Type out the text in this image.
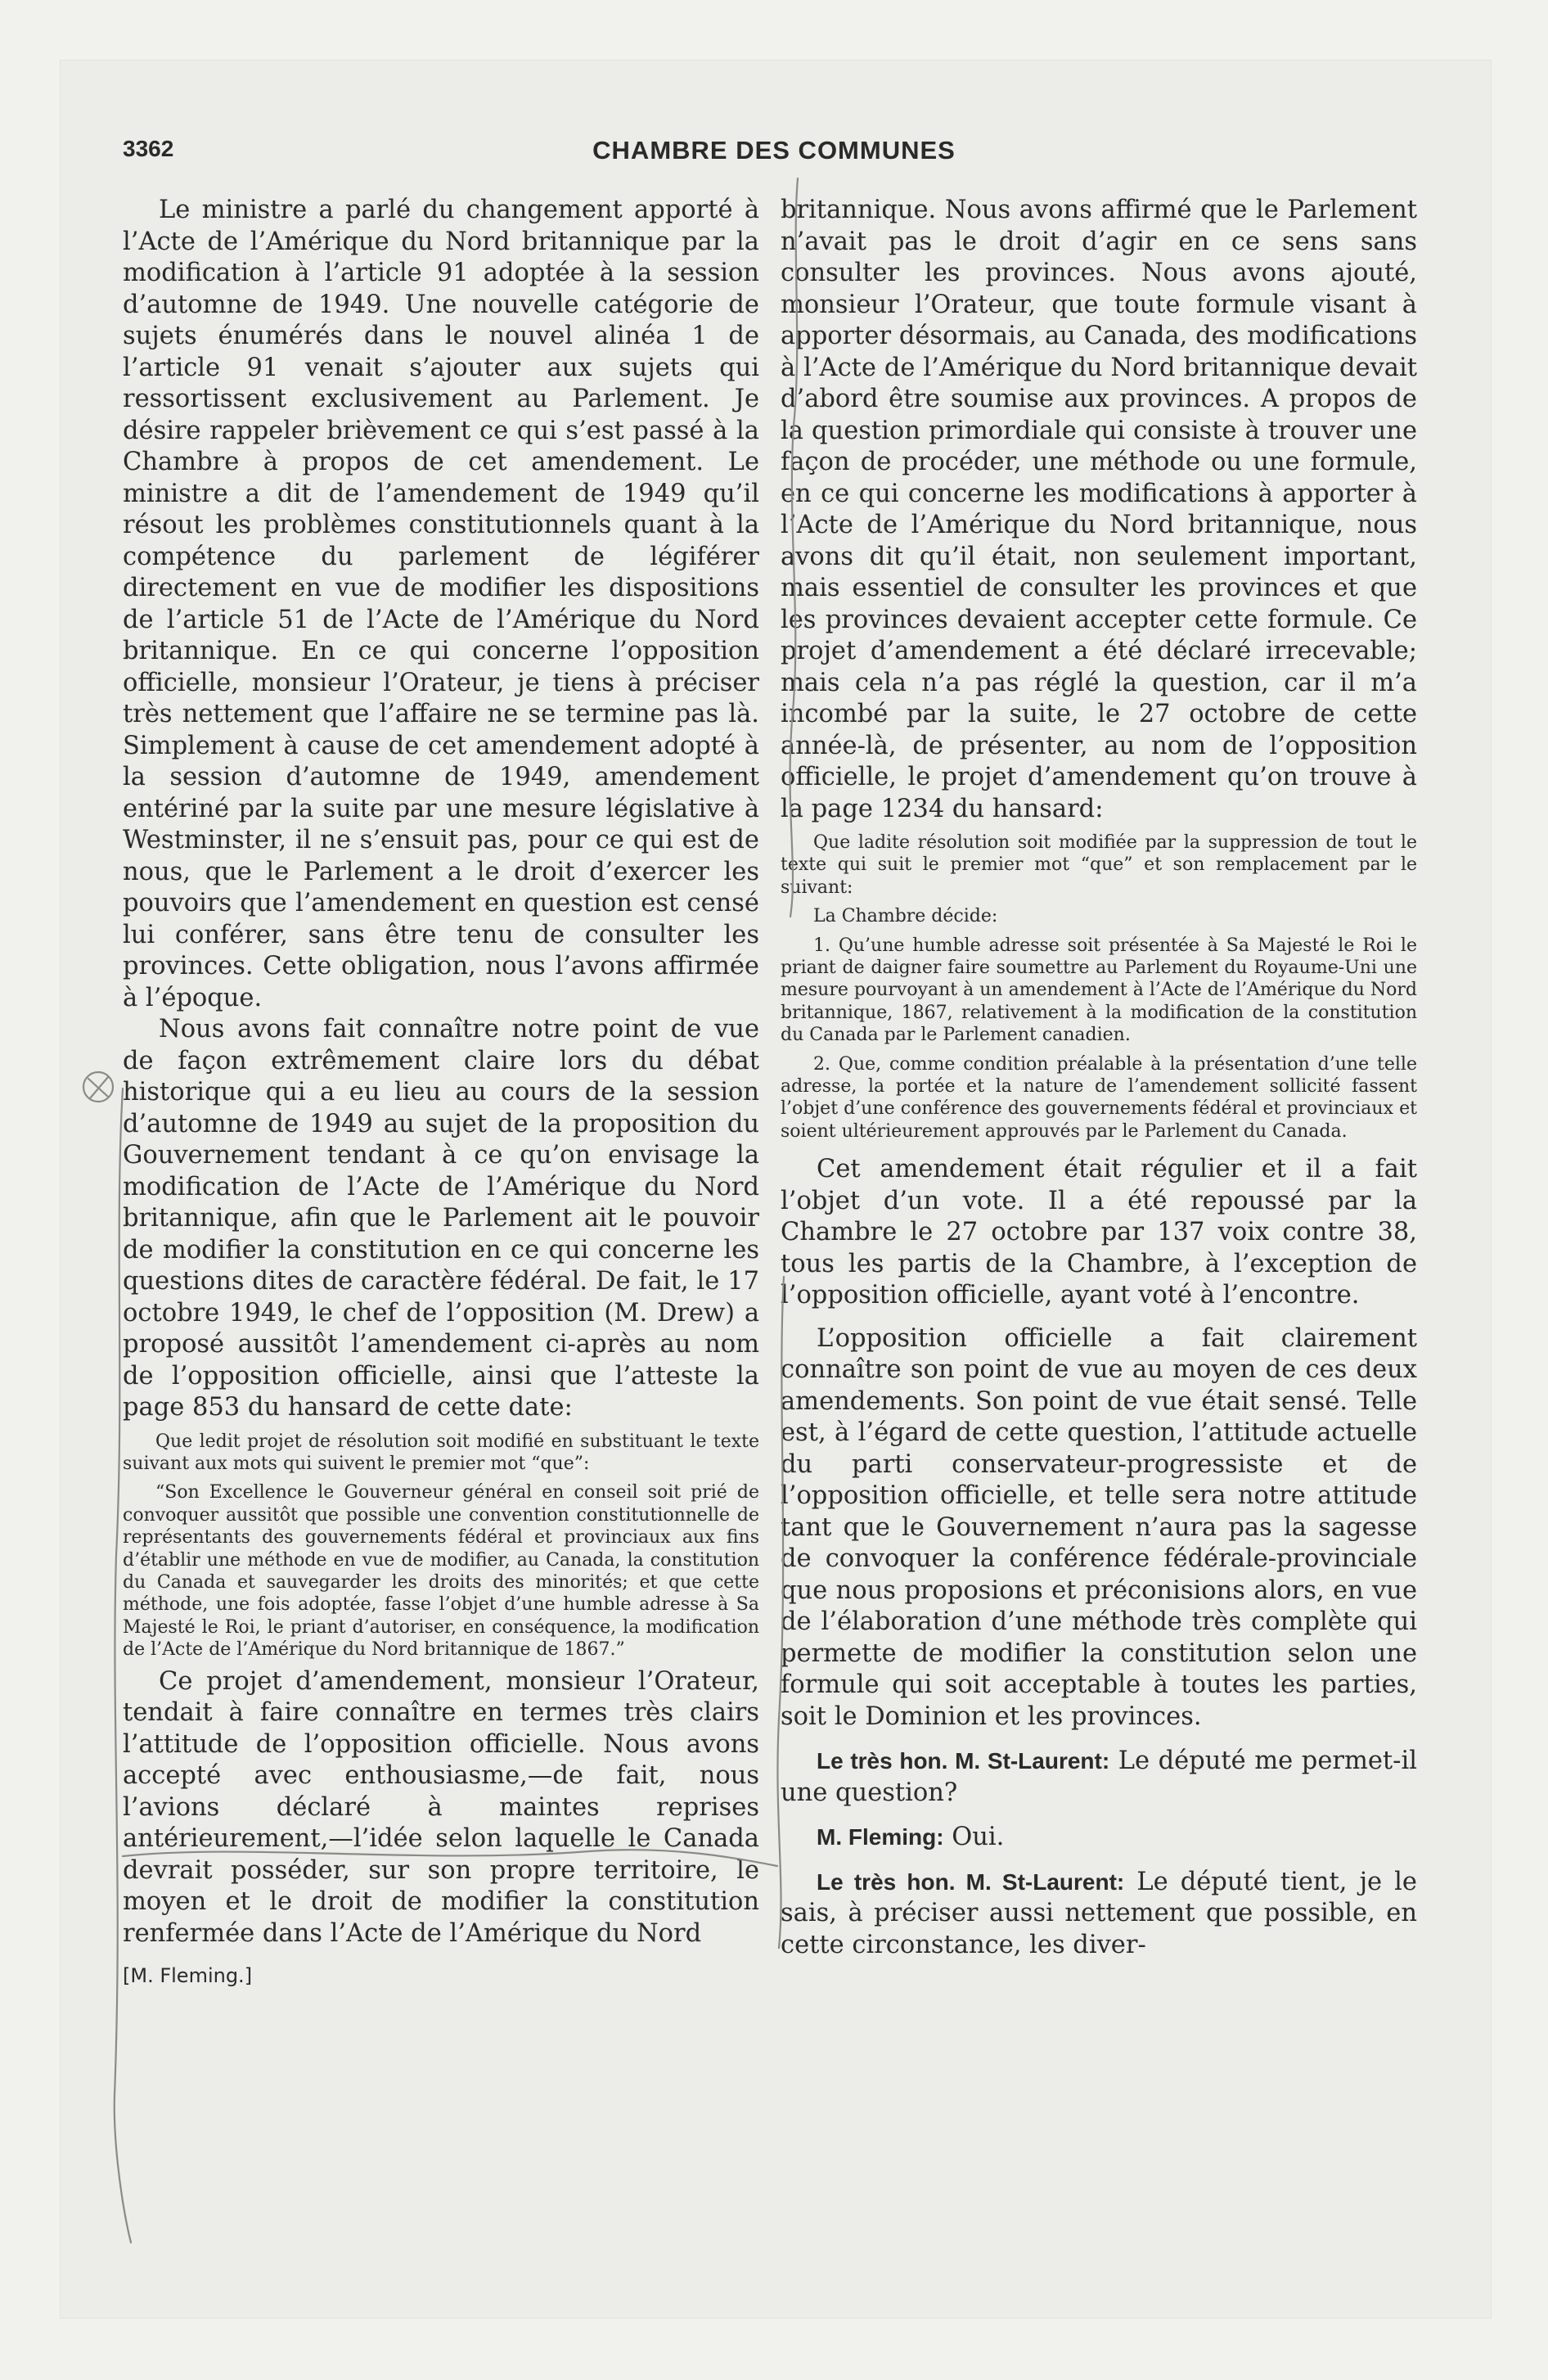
3362	CHAMBRE DES COMMUNES

Le ministre a parlé du changement apporté à l’Acte de l’Amérique du Nord britannique par la modification à l’article 91 adoptée à la session d’automne de 1949. Une nouvelle catégorie de sujets énumérés dans le nouvel alinéa 1 de l’article 91 venait s’ajouter aux sujets qui ressortissent exclusivement au Parlement. Je désire rappeler brièvement ce qui s’est passé à la Chambre à propos de cet amendement. Le ministre a dit de l’amendement de 1949 qu’il résout les problèmes constitutionnels quant à la compétence du parlement de légiférer directement en vue de modifier les dispositions de l’article 51 de l’Acte de l’Amérique du Nord britannique. En ce qui concerne l’opposition officielle, monsieur l’Orateur, je tiens à préciser très nettement que l’affaire ne se termine pas là. Simplement à cause de cet amendement adopté à la session d’automne de 1949, amendement entériné par la suite par une mesure législative à Westminster, il ne s’ensuit pas, pour ce qui est de nous, que le Parlement a le droit d’exercer les pouvoirs que l’amendement en question est censé lui conférer, sans être tenu de consulter les provinces. Cette obligation, nous l’avons affirmée à l’époque.

Nous avons fait connaître notre point de vue de façon extrêmement claire lors du débat historique qui a eu lieu au cours de la session d’automne de 1949 au sujet de la proposition du Gouvernement tendant à ce qu’on envisage la modification de l’Acte de l’Amérique du Nord britannique, afin que le Parlement ait le pouvoir de modifier la constitution en ce qui concerne les questions dites de caractère fédéral. De fait, le 17 octobre 1949, le chef de l’opposition (M. Drew) a proposé aussitôt l’amendement ci-après au nom de l’opposition officielle, ainsi que l’atteste la page 853 du hansard de cette date:

Que ledit projet de résolution soit modifié en substituant le texte suivant aux mots qui suivent le premier mot “que”:

“Son Excellence le Gouverneur général en conseil soit prié de convoquer aussitôt que possible une convention constitutionnelle de représentants des gouvernements fédéral et provinciaux aux fins d’établir une méthode en vue de modifier, au Canada, la constitution du Canada et sauvegarder les droits des minorités; et que cette méthode, une fois adoptée, fasse l’objet d’une humble adresse à Sa Majesté le Roi, le priant d’autoriser, en conséquence, la modification de l’Acte de l’Amérique du Nord britannique de 1867.”

Ce projet d’amendement, monsieur l’Orateur, tendait à faire connaître en termes très clairs l’attitude de l’opposition officielle. Nous avons accepté avec enthousiasme,—de fait, nous l’avions déclaré à maintes reprises antérieurement,—l’idée selon laquelle le Canada devrait posséder, sur son propre territoire, le moyen et le droit de modifier la constitution renfermée dans l’Acte de l’Amérique du Nord

[M. Fleming.]

britannique. Nous avons affirmé que le Parlement n’avait pas le droit d’agir en ce sens sans consulter les provinces. Nous avons ajouté, monsieur l’Orateur, que toute formule visant à apporter désormais, au Canada, des modifications à l’Acte de l’Amérique du Nord britannique devait d’abord être soumise aux provinces. A propos de la question primordiale qui consiste à trouver une façon de procéder, une méthode ou une formule, en ce qui concerne les modifications à apporter à l’Acte de l’Amérique du Nord britannique, nous avons dit qu’il était, non seulement important, mais essentiel de consulter les provinces et que les provinces devaient accepter cette formule. Ce projet d’amendement a été déclaré irrecevable; mais cela n’a pas réglé la question, car il m’a incombé par la suite, le 27 octobre de cette année-là, de présenter, au nom de l’opposition officielle, le projet d’amendement qu’on trouve à la page 1234 du hansard:

Que ladite résolution soit modifiée par la suppression de tout le texte qui suit le premier mot “que” et son remplacement par le suivant:

La Chambre décide:

1. Qu’une humble adresse soit présentée à Sa Majesté le Roi le priant de daigner faire soumettre au Parlement du Royaume-Uni une mesure pourvoyant à un amendement à l’Acte de l’Amérique du Nord britannique, 1867, relativement à la modification de la constitution du Canada par le Parlement canadien.

2. Que, comme condition préalable à la présentation d’une telle adresse, la portée et la nature de l’amendement sollicité fassent l’objet d’une conférence des gouvernements fédéral et provinciaux et soient ultérieurement approuvés par le Parlement du Canada.

Cet amendement était régulier et il a fait l’objet d’un vote. Il a été repoussé par la Chambre le 27 octobre par 137 voix contre 38, tous les partis de la Chambre, à l’exception de l’opposition officielle, ayant voté à l’encontre.

L’opposition officielle a fait clairement connaître son point de vue au moyen de ces deux amendements. Son point de vue était sensé. Telle est, à l’égard de cette question, l’attitude actuelle du parti conservateur-progressiste et de l’opposition officielle, et telle sera notre attitude tant que le Gouvernement n’aura pas la sagesse de convoquer la conférence fédérale-provinciale que nous proposions et préconisions alors, en vue de l’élaboration d’une méthode très complète qui permette de modifier la constitution selon une formule qui soit acceptable à toutes les parties, soit le Dominion et les provinces.

Le très hon. M. St-Laurent: Le député me permet-il une question?

M. Fleming: Oui.

Le très hon. M. St-Laurent: Le député tient, je le sais, à préciser aussi nettement que possible, en cette circonstance, les diver-
